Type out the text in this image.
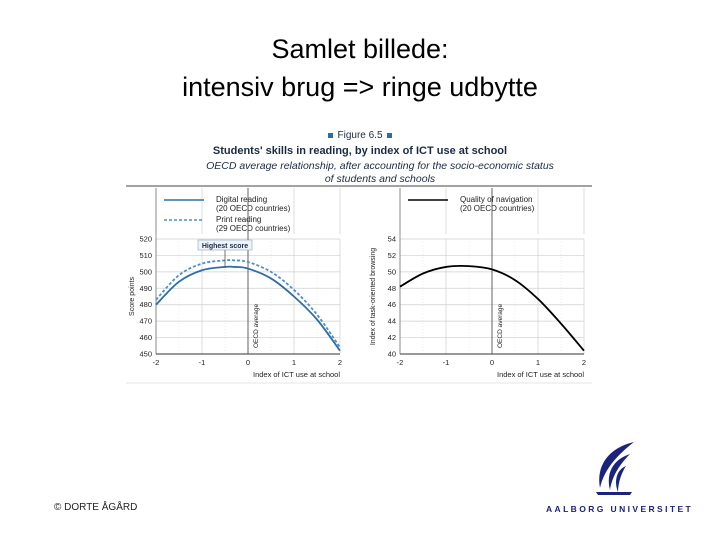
Samlet billede:
intensiv brug => ringe udbytte
Figure 6.5
Students' skills in reading, by index of ICT use at school
OECD average relationship, after accounting for the socio-economic status
of students and schools
Digital reading
(20 OECD countries)
Print reading
(29 OECD countries)
450
460
470
480
490
500
510
520
-2	-1	0	1	2
OECD average
Index of ICT use at school
Score points
Highest score
Quality of navigation
(20 OECD countries)
40
42
44
46
48
50
52
54
-2	-1	0	1	2
OECD average
Index of ICT use at school
Index of task-oriented browsing
© DORTE ÅGÅRD	AALBORG UNIVERSITET
